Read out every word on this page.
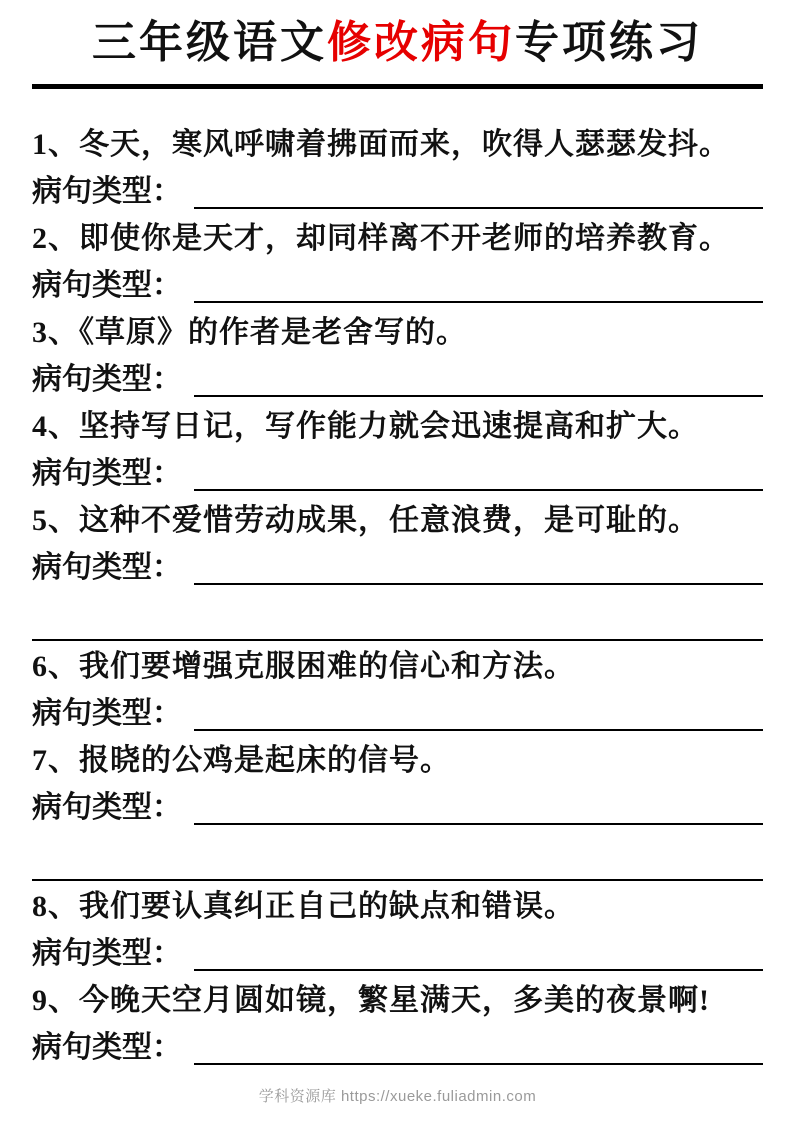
三年级语文修改病句专项练习
1、冬天，寒风呼啸着拂面而来，吹得人瑟瑟发抖。
病句类型：
2、即使你是天才，却同样离不开老师的培养教育。
病句类型：
3、《草原》的作者是老舍写的。
病句类型：
4、坚持写日记，写作能力就会迅速提高和扩大。
病句类型：
5、这种不爱惜劳动成果，任意浪费，是可耻的。
病句类型：
6、我们要增强克服困难的信心和方法。
病句类型：
7、报晓的公鸡是起床的信号。
病句类型：
8、我们要认真纠正自己的缺点和错误。
病句类型：
9、今晚天空月圆如镜，繁星满天，多美的夜景啊!
病句类型：
学科资源库 https://xueke.fuliadmin.com
